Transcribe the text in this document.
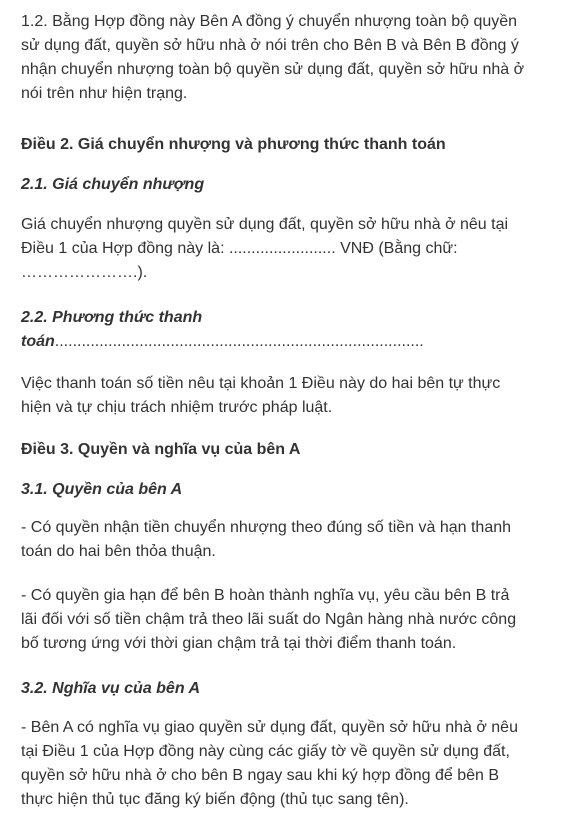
1.2. Bằng Hợp đồng này Bên A đồng ý chuyển nhượng toàn bộ quyền
sử dụng đất, quyền sở hữu nhà ở nói trên cho Bên B và Bên B đồng ý
nhận chuyển nhượng toàn bộ quyền sử dụng đất, quyền sở hữu nhà ở
nói trên như hiện trạng.
Điều 2. Giá chuyển nhượng và phương thức thanh toán
2.1. Giá chuyển nhượng
Giá chuyển nhượng quyền sử dụng đất, quyền sở hữu nhà ở nêu tại
Điều 1 của Hợp đồng này là: ........................ VNĐ (Bằng chữ:
………………….).
2.2. Phương thức thanh
toán...................................................................................
Việc thanh toán số tiền nêu tại khoản 1 Điều này do hai bên tự thực
hiện và tự chịu trách nhiệm trước pháp luật.
Điều 3. Quyền và nghĩa vụ của bên A
3.1. Quyền của bên A
- Có quyền nhận tiền chuyển nhượng theo đúng số tiền và hạn thanh
toán do hai bên thỏa thuận.
- Có quyền gia hạn để bên B hoàn thành nghĩa vụ, yêu cầu bên B trả
lãi đối với số tiền chậm trả theo lãi suất do Ngân hàng nhà nước công
bố tương ứng với thời gian chậm trả tại thời điểm thanh toán.
3.2. Nghĩa vụ của bên A
- Bên A có nghĩa vụ giao quyền sử dụng đất, quyền sở hữu nhà ở nêu
tại Điều 1 của Hợp đồng này cùng các giấy tờ về quyền sử dụng đất,
quyền sở hữu nhà ở cho bên B ngay sau khi ký hợp đồng để bên B
thực hiện thủ tục đăng ký biến động (thủ tục sang tên).
